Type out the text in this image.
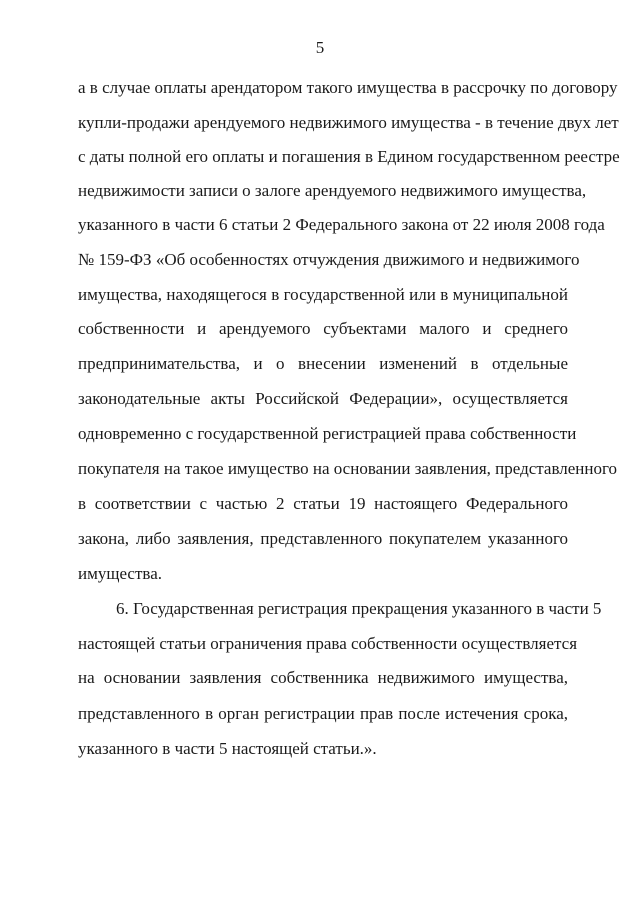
5
а в случае оплаты арендатором такого имущества в рассрочку по договору
купли-продажи арендуемого недвижимого имущества - в течение двух лет
с даты полной его оплаты и погашения в Едином государственном реестре
недвижимости записи о залоге арендуемого недвижимого имущества,
указанного в части 6 статьи 2 Федерального закона от 22 июля 2008 года
№ 159-ФЗ «Об особенностях отчуждения движимого и недвижимого
имущества, находящегося в государственной или в муниципальной
собственности и арендуемого субъектами малого и среднего
предпринимательства, и о внесении изменений в отдельные
законодательные акты Российской Федерации», осуществляется
одновременно с государственной регистрацией права собственности
покупателя на такое имущество на основании заявления, представленного
в соответствии с частью 2 статьи 19 настоящего Федерального
закона, либо заявления, представленного покупателем указанного
имущества.
6. Государственная регистрация прекращения указанного в части 5
настоящей статьи ограничения права собственности осуществляется
на основании заявления собственника недвижимого имущества,
представленного в орган регистрации прав после истечения срока,
указанного в части 5 настоящей статьи.».
